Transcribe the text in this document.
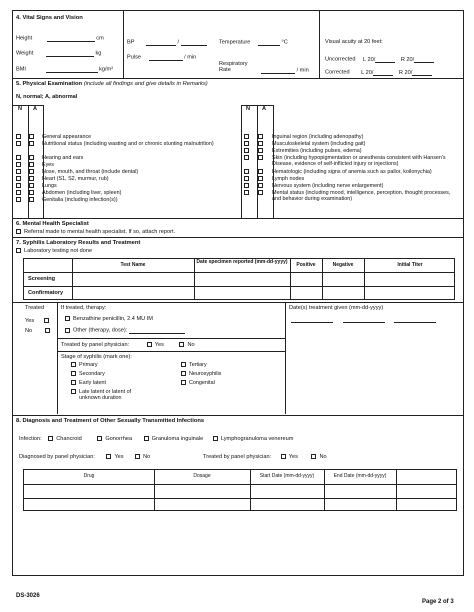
4. Vital Signs and Vision
Height	cm
Weight	kg
BMI	kg/m²
BP	/
Pulse	/ min
Temperature	°C
Respiratory Rate	/ min
Visual acuity at 20 feet:
Uncorrected L 20/	R 20/
Corrected L 20/	R 20/
5. Physical Examination (include all findings and give details in Remarks)
N, normal; A, abnormal
N A	N A
General appearance
Nutritional status (including wasting and or chronic stunting malnutrition)
Hearing and ears
Eyes
Nose, mouth, and throat (include dental)
Heart (S1, S2, murmur, rub)
Lungs
Abdomen (including liver, spleen)
Genitalia (including infection(s))
Inguinal region (including adenopathy)
Musculoskeletal system (including gait)
Extremities (including pulses, edema)
Skin (including hypopigmentation or anesthesia consistent with Hansen's Disease, evidence of self-inflicted injury or injections)
Hematologic (including signs of anemia such as pallor, koilonychia)
Lymph nodes
Nervous system (including nerve enlargement)
Mental status (including mood, intelligence, perception, thought processes, and behavior during examination)
6. Mental Health Specialist
Referral made to mental health specialist. If so, attach report.
7. Syphilis Laboratory Results and Treatment
Laboratory testing not done
Test Name	Date specimen reported (mm-dd-yyyy)	Positive	Negative	Initial Titer
Screening
Confirmatory
Treated
Yes
No
If treated, therapy:
Benzathine penicillin, 2.4 MU IM
Other (therapy, dose):
Treated by panel physician:	Yes	No
Stage of syphilis (mark one):
Primary
Secondary
Early latent
Late latent or latent of unknown duration
Tertiary
Neurosyphilis
Congenital
Date(s) treatment given (mm-dd-yyyy)

8. Diagnosis and Treatment of Other Sexually Transmitted Infections
Infection:	Chancroid	Gonorrhea	Granuloma inguinale	Lymphogranuloma venereum
Diagnosed by panel physician:	Yes	No	Treated by panel physician:	Yes	No
Drug	Dosage	Start Date (mm-dd-yyyy)	End Date (mm-dd-yyyy)
DS-3026
Page 2 of 3
